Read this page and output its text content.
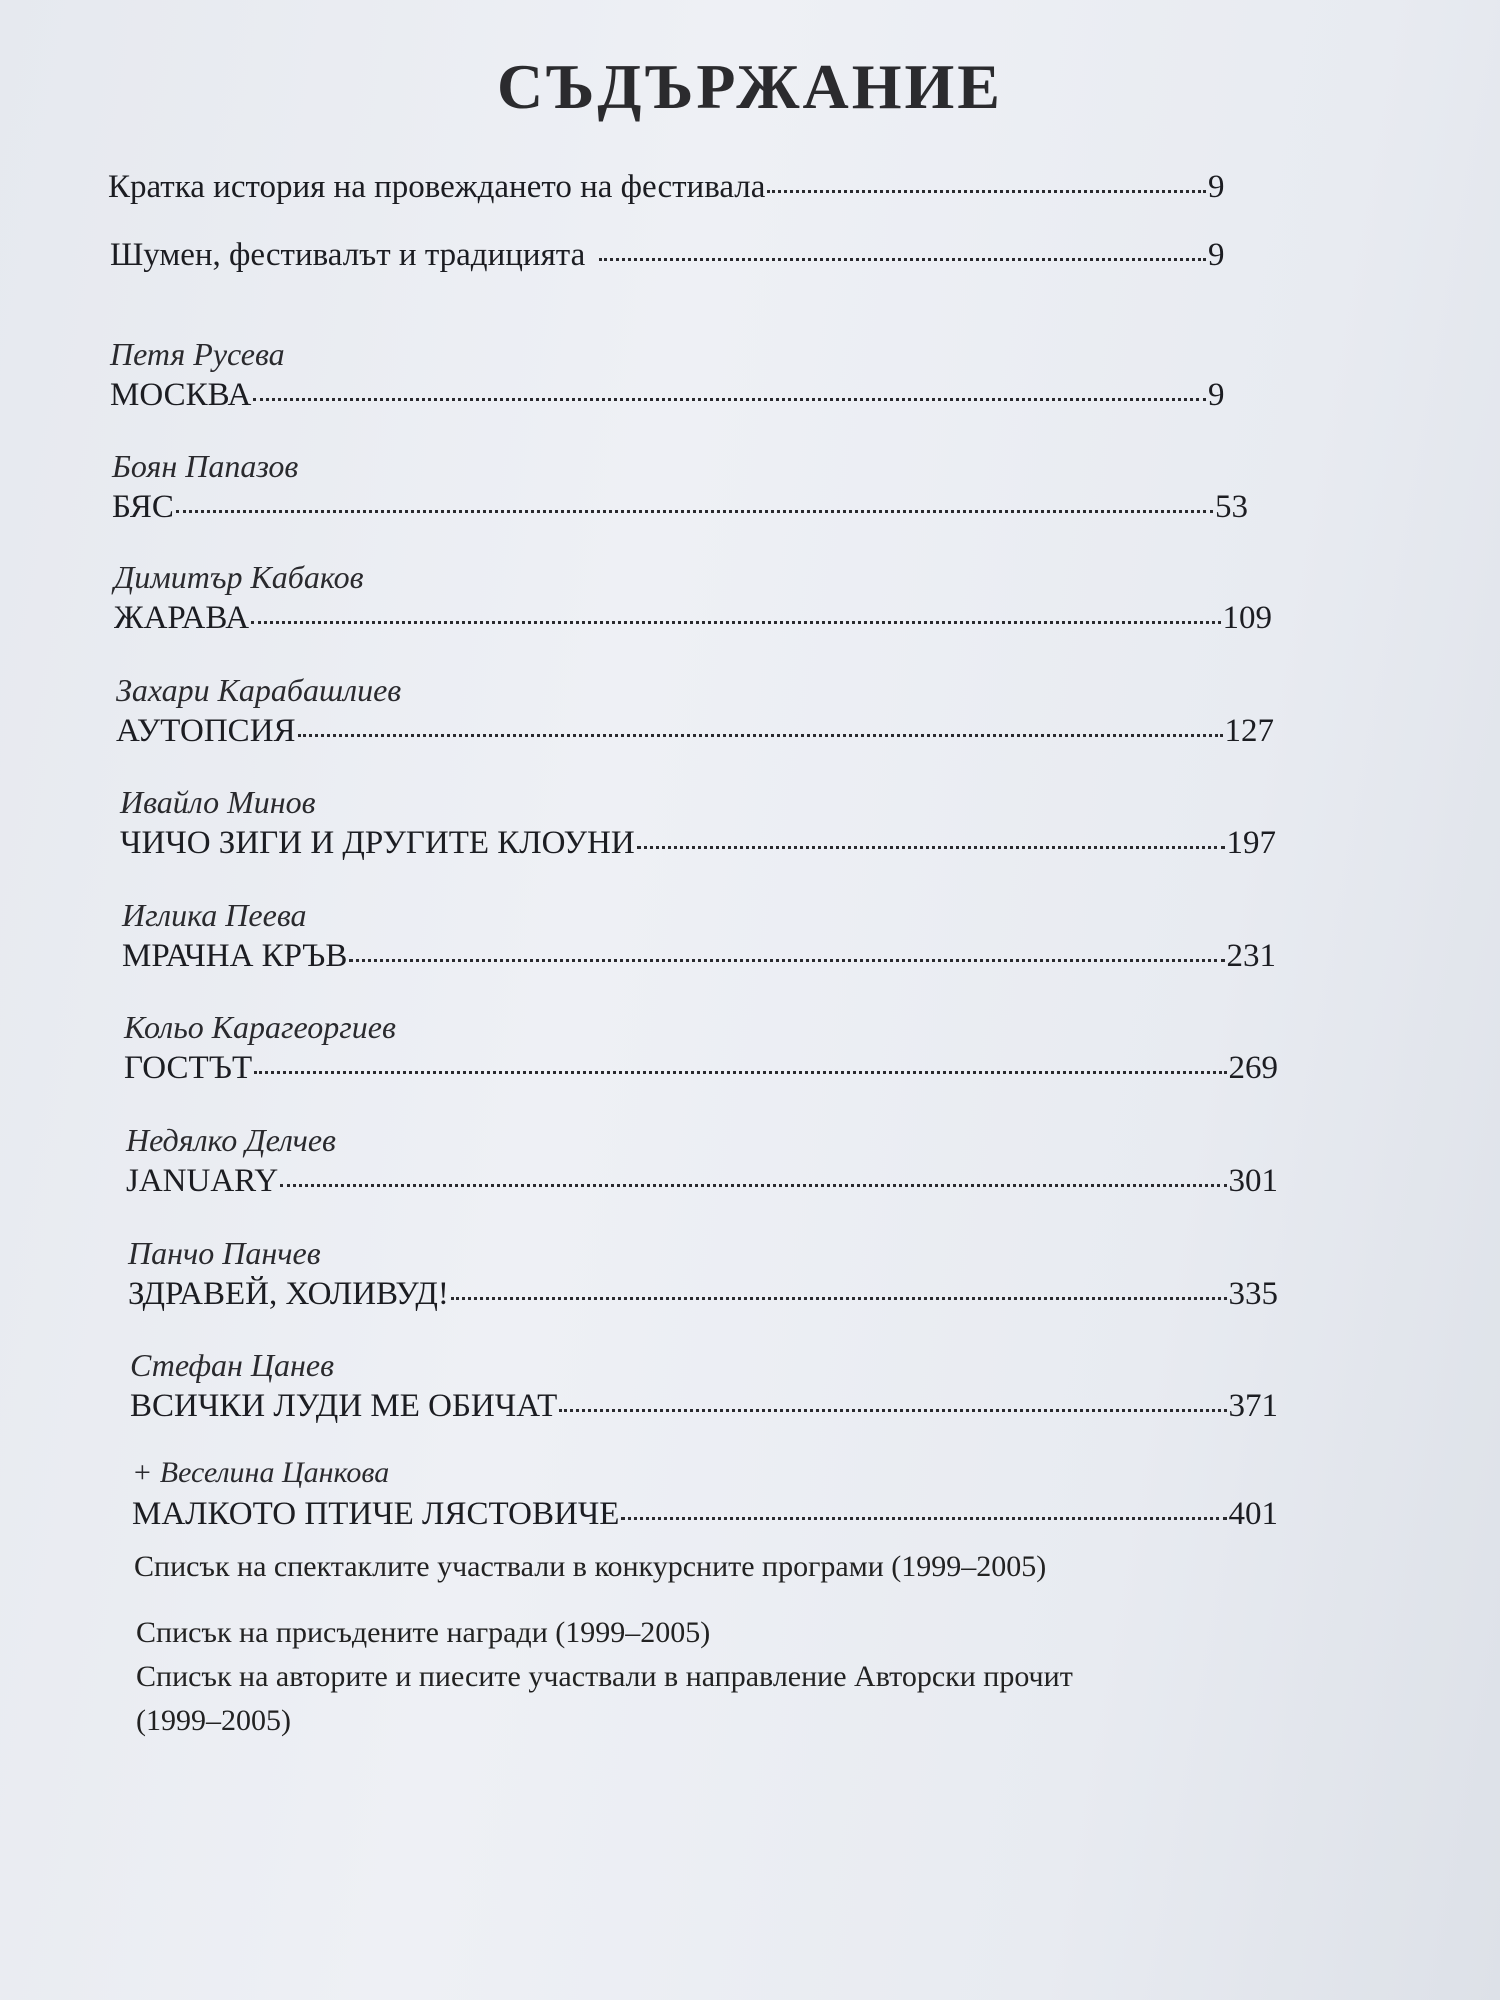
СЪДЪРЖАНИЕ
Кратка история на провеждането на фестивала	9
Шумен, фестивалът и традицията	9
Петя Русева
МОСКВА	9
Боян Папазов
БЯС	53
Димитър Кабаков
ЖАРАВА	109
Захари Карабашлиев
АУТОПСИЯ	127
Ивайло Минов
ЧИЧО ЗИГИ И ДРУГИТЕ КЛОУНИ	197
Иглика Пеева
МРАЧНА КРЪВ	231
Кольо Карагеоргиев
ГОСТЪТ	269
Недялко Делчев
JANUARY	301
Панчо Панчев
ЗДРАВЕЙ, ХОЛИВУД!	335
Стефан Цанев
ВСИЧКИ ЛУДИ МЕ ОБИЧАТ	371
+ Веселина Цанкова
МАЛКОТО ПТИЧЕ ЛЯСТОВИЧЕ	401
Списък на спектаклите участвали в конкурсните програми (1999–2005)
Списък на присъдените награди (1999–2005)
Списък на авторите и пиесите участвали в направление Авторски прочит
(1999–2005)
